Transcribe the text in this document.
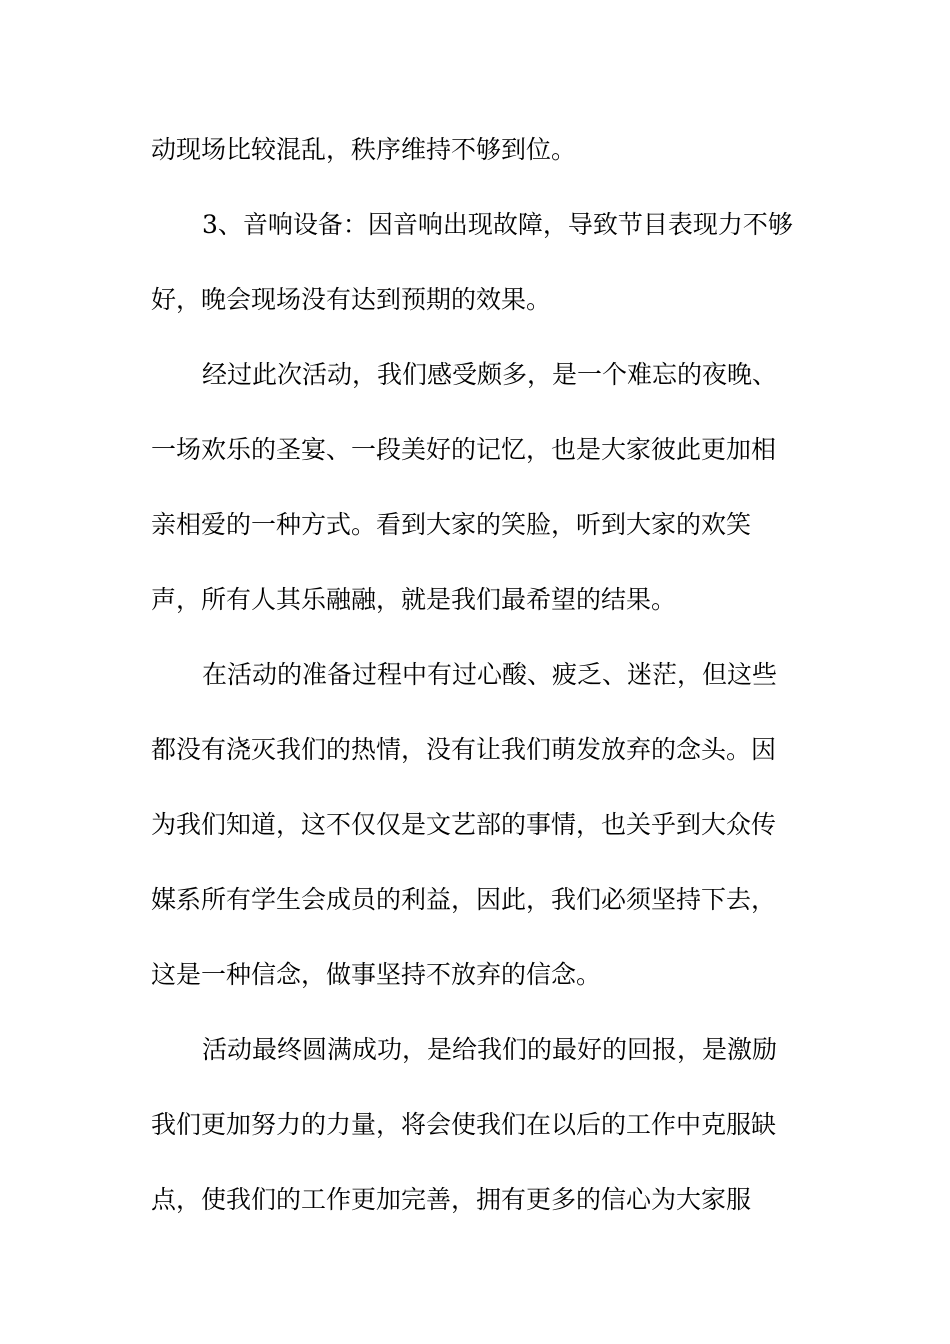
动现场比较混乱，秩序维持不够到位。
3、音响设备：因音响出现故障，导致节目表现力不够
好，晚会现场没有达到预期的效果。
经过此次活动，我们感受颇多，是一个难忘的夜晚、
一场欢乐的圣宴、一段美好的记忆，也是大家彼此更加相
亲相爱的一种方式。看到大家的笑脸，听到大家的欢笑
声，所有人其乐融融，就是我们最希望的结果。
在活动的准备过程中有过心酸、疲乏、迷茫，但这些
都没有浇灭我们的热情，没有让我们萌发放弃的念头。因
为我们知道，这不仅仅是文艺部的事情，也关乎到大众传
媒系所有学生会成员的利益，因此，我们必须坚持下去，
这是一种信念，做事坚持不放弃的信念。
活动最终圆满成功，是给我们的最好的回报，是激励
我们更加努力的力量，将会使我们在以后的工作中克服缺
点，使我们的工作更加完善，拥有更多的信心为大家服
